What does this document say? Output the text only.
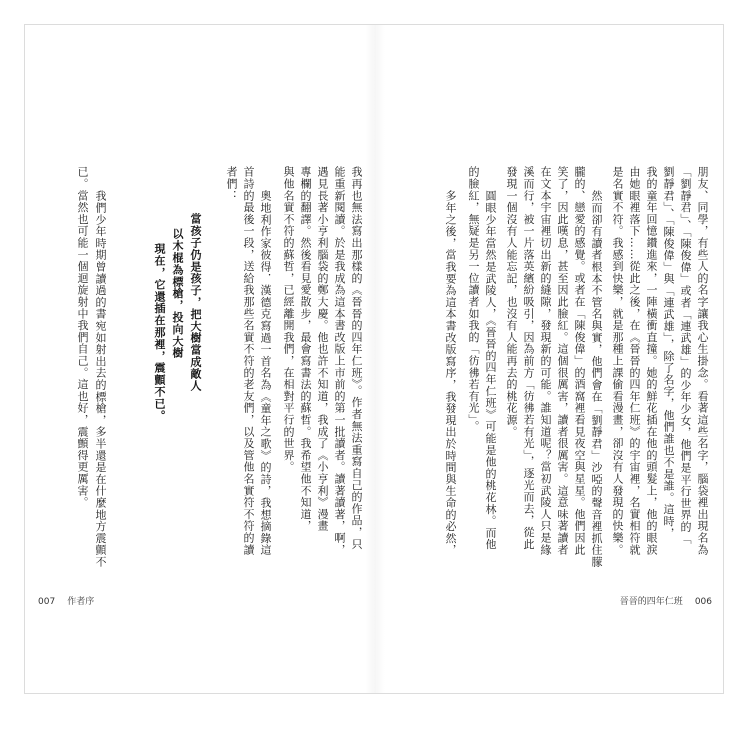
朋友、同學，有些人的名字讓我心生掛念。看著這些名字，腦袋裡出現名為
「劉靜君」、「陳俊偉」或者「連武雄」的少年少女，他們是平行世界的「
劉靜君」、「陳俊偉」與「連武雄」，除了名字，他們誰也不是誰。這時，
我的童年回憶鑽進來，一陣橫衝直撞。她的鮮花插在他的頭髮上，他的眼淚
由她眼裡落下……從此之後，在《晉晉的四年仁班》的宇宙裡，名實相符就
是名實不符。我感到快樂，就是那種上課偷看漫畫，卻沒有人發現的快樂。
然而卻有讀者根本不管名與實，他們會在「劉靜君」沙啞的聲音裡抓住朦
朧的、戀愛的感覺。或者在「陳俊偉」的酒窩裡看見夜空與星星。他們因此
笑了，因此嘆息，甚至因此臉紅。這個很厲害，讀者很厲害。這意味著讀者
在文本宇宙裡切出新的縫隙，發現新的可能。誰知道呢？當初武陵人只是緣
溪而行，被一片落英繽紛吸引，因為前方「彷彿若有光」，逐光而去，從此
發現一個沒有人能忘記，也沒有人能再去的桃花源。
圓眼少年當然是武陵人，《晉晉的四年仁班》可能是他的桃花林。而他
的臉紅，無疑是另一位讀者如我的「彷彿若有光」。
多年之後，當我要為這本書改版寫序，我發現出於時間與生命的必然，
晉晉的四年仁班 006
我再也無法寫出那樣的《晉晉的四年仁班》。作者無法重寫自己的作品，只
能重新閱讀。於是我成為這本書改版上市前的第一批讀者。讀著讀著，啊，
遇見長著小亨利腦袋的鄭大慶。他也許不知道，我成了《小亨利》漫畫
專欄的翻譯。然後看見愛散步，最會寫書法的蘇哲。我希望他不知道，
與他名實不符的蘇哲，已經離開我們，在相對平行的世界。
奧地利作家彼得．漢德克寫過一首名為《童年之歌》的詩，我想摘錄這
首詩的最後一段，送給我那些名實不符的老友們，以及管他名實符不符的讀
者們：
當孩子仍是孩子，把大樹當成敵人
以木棍為標槍，投向大樹
現在，它還插在那裡，震顫不已。
我們少年時期曾讀過的書宛如射出去的標槍，多半還是在什麼地方震顫不
已。當然也可能一個迴旋射中我們自己。這也好，震顫得更厲害。
007 作者序
